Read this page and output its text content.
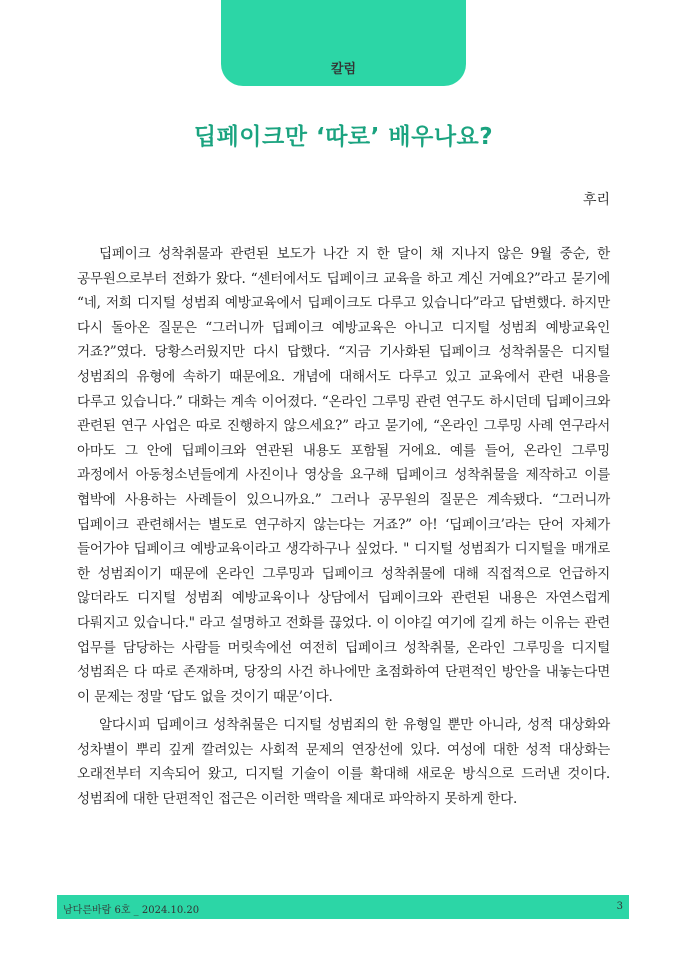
칼럼
딥페이크만 ‘따로’ 배우나요?
후리

딥페이크 성착취물과 관련된 보도가 나간 지 한 달이 채 지나지 않은 9월 중순, 한 공무원으로부터 전화가 왔다. “센터에서도 딥페이크 교육을 하고 계신 거예요?”라고 묻기에 “네, 저희 디지털 성범죄 예방교육에서 딥페이크도 다루고 있습니다”라고 답변했다. 하지만 다시 돌아온 질문은 “그러니까 딥페이크 예방교육은 아니고 디지털 성범죄 예방교육인 거죠?”였다. 당황스러웠지만 다시 답했다. “지금 기사화된 딥페이크 성착취물은 디지털 성범죄의 유형에 속하기 때문에요. 개념에 대해서도 다루고 있고 교육에서 관련 내용을 다루고 있습니다.” 대화는 계속 이어졌다. “온라인 그루밍 관련 연구도 하시던데 딥페이크와 관련된 연구 사업은 따로 진행하지 않으세요?” 라고 묻기에, “온라인 그루밍 사례 연구라서 아마도 그 안에 딥페이크와 연관된 내용도 포함될 거에요. 예를 들어, 온라인 그루밍 과정에서 아동청소년들에게 사진이나 영상을 요구해 딥페이크 성착취물을 제작하고 이를 협박에 사용하는 사례들이 있으니까요.” 그러나 공무원의 질문은 계속됐다. “그러니까 딥페이크 관련해서는 별도로 연구하지 않는다는 거죠?” 아! ‘딥페이크’라는 단어 자체가 들어가야 딥페이크 예방교육이라고 생각하구나 싶었다. " 디지털 성범죄가 디지털을 매개로 한 성범죄이기 때문에 온라인 그루밍과 딥페이크 성착취물에 대해 직접적으로 언급하지 않더라도 디지털 성범죄 예방교육이나 상담에서 딥페이크와 관련된 내용은 자연스럽게 다뤄지고 있습니다." 라고 설명하고 전화를 끊었다. 이 이야길 여기에 길게 하는 이유는 관련 업무를 담당하는 사람들 머릿속에선 여전히 딥페이크 성착취물, 온라인 그루밍을 디지털 성범죄은 다 따로 존재하며, 당장의 사건 하나에만 초점화하여 단편적인 방안을 내놓는다면 이 문제는 정말 ‘답도 없을 것이기 때문’이다.

알다시피 딥페이크 성착취물은 디지털 성범죄의 한 유형일 뿐만 아니라, 성적 대상화와 성차별이 뿌리 깊게 깔려있는 사회적 문제의 연장선에 있다. 여성에 대한 성적 대상화는 오래전부터 지속되어 왔고, 디지털 기술이 이를 확대해 새로운 방식으로 드러낸 것이다. 성범죄에 대한 단편적인 접근은 이러한 맥락을 제대로 파악하지 못하게 한다.

남다른바람 6호 _ 2024.10.20	3
